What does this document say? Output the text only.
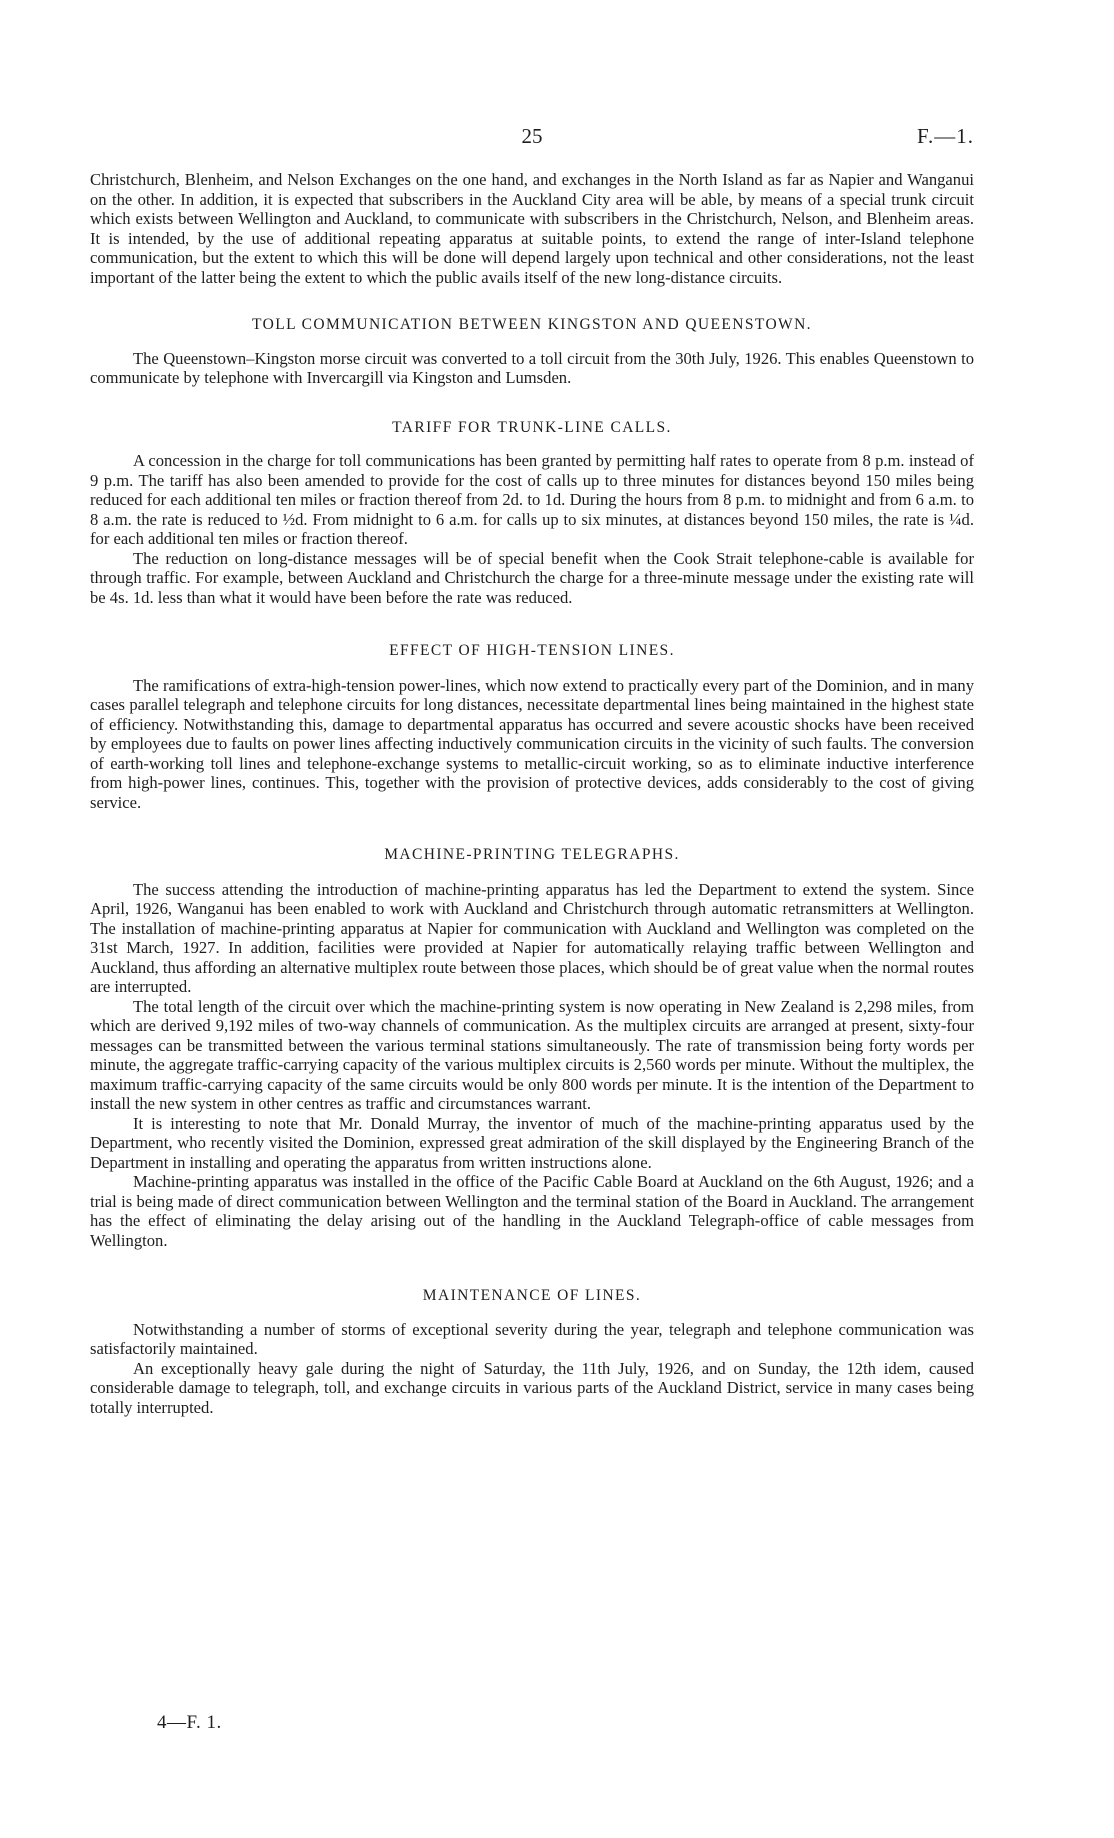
25	F.—1.

Christchurch, Blenheim, and Nelson Exchanges on the one hand, and exchanges in the North Island as far as Napier and Wanganui on the other. In addition, it is expected that subscribers in the Auckland City area will be able, by means of a special trunk circuit which exists between Wellington and Auckland, to communicate with subscribers in the Christchurch, Nelson, and Blenheim areas. It is intended, by the use of additional repeating apparatus at suitable points, to extend the range of inter-Island telephone communication, but the extent to which this will be done will depend largely upon technical and other considerations, not the least important of the latter being the extent to which the public avails itself of the new long-distance circuits.

TOLL COMMUNICATION BETWEEN KINGSTON AND QUEENSTOWN.

The Queenstown–Kingston morse circuit was converted to a toll circuit from the 30th July, 1926. This enables Queenstown to communicate by telephone with Invercargill via Kingston and Lumsden.

TARIFF FOR TRUNK-LINE CALLS.

A concession in the charge for toll communications has been granted by permitting half rates to operate from 8 p.m. instead of 9 p.m. The tariff has also been amended to provide for the cost of calls up to three minutes for distances beyond 150 miles being reduced for each additional ten miles or fraction thereof from 2d. to 1d. During the hours from 8 p.m. to midnight and from 6 a.m. to 8 a.m. the rate is reduced to ½d. From midnight to 6 a.m. for calls up to six minutes, at distances beyond 150 miles, the rate is ¼d. for each additional ten miles or fraction thereof.

The reduction on long-distance messages will be of special benefit when the Cook Strait telephone-cable is available for through traffic. For example, between Auckland and Christchurch the charge for a three-minute message under the existing rate will be 4s. 1d. less than what it would have been before the rate was reduced.

EFFECT OF HIGH-TENSION LINES.

The ramifications of extra-high-tension power-lines, which now extend to practically every part of the Dominion, and in many cases parallel telegraph and telephone circuits for long distances, necessitate departmental lines being maintained in the highest state of efficiency. Notwithstanding this, damage to departmental apparatus has occurred and severe acoustic shocks have been received by employees due to faults on power lines affecting inductively communication circuits in the vicinity of such faults. The conversion of earth-working toll lines and telephone-exchange systems to metallic-circuit working, so as to eliminate inductive interference from high-power lines, continues. This, together with the provision of protective devices, adds considerably to the cost of giving service.

MACHINE-PRINTING TELEGRAPHS.

The success attending the introduction of machine-printing apparatus has led the Department to extend the system. Since April, 1926, Wanganui has been enabled to work with Auckland and Christchurch through automatic retransmitters at Wellington. The installation of machine-printing apparatus at Napier for communication with Auckland and Wellington was completed on the 31st March, 1927. In addition, facilities were provided at Napier for automatically relaying traffic between Wellington and Auckland, thus affording an alternative multiplex route between those places, which should be of great value when the normal routes are interrupted.

The total length of the circuit over which the machine-printing system is now operating in New Zealand is 2,298 miles, from which are derived 9,192 miles of two-way channels of communication. As the multiplex circuits are arranged at present, sixty-four messages can be transmitted between the various terminal stations simultaneously. The rate of transmission being forty words per minute, the aggregate traffic-carrying capacity of the various multiplex circuits is 2,560 words per minute. Without the multiplex, the maximum traffic-carrying capacity of the same circuits would be only 800 words per minute. It is the intention of the Department to install the new system in other centres as traffic and circumstances warrant.

It is interesting to note that Mr. Donald Murray, the inventor of much of the machine-printing apparatus used by the Department, who recently visited the Dominion, expressed great admiration of the skill displayed by the Engineering Branch of the Department in installing and operating the apparatus from written instructions alone.

Machine-printing apparatus was installed in the office of the Pacific Cable Board at Auckland on the 6th August, 1926; and a trial is being made of direct communication between Wellington and the terminal station of the Board in Auckland. The arrangement has the effect of eliminating the delay arising out of the handling in the Auckland Telegraph-office of cable messages from Wellington.

MAINTENANCE OF LINES.

Notwithstanding a number of storms of exceptional severity during the year, telegraph and telephone communication was satisfactorily maintained.

An exceptionally heavy gale during the night of Saturday, the 11th July, 1926, and on Sunday, the 12th idem, caused considerable damage to telegraph, toll, and exchange circuits in various parts of the Auckland District, service in many cases being totally interrupted.

4—F. 1.
